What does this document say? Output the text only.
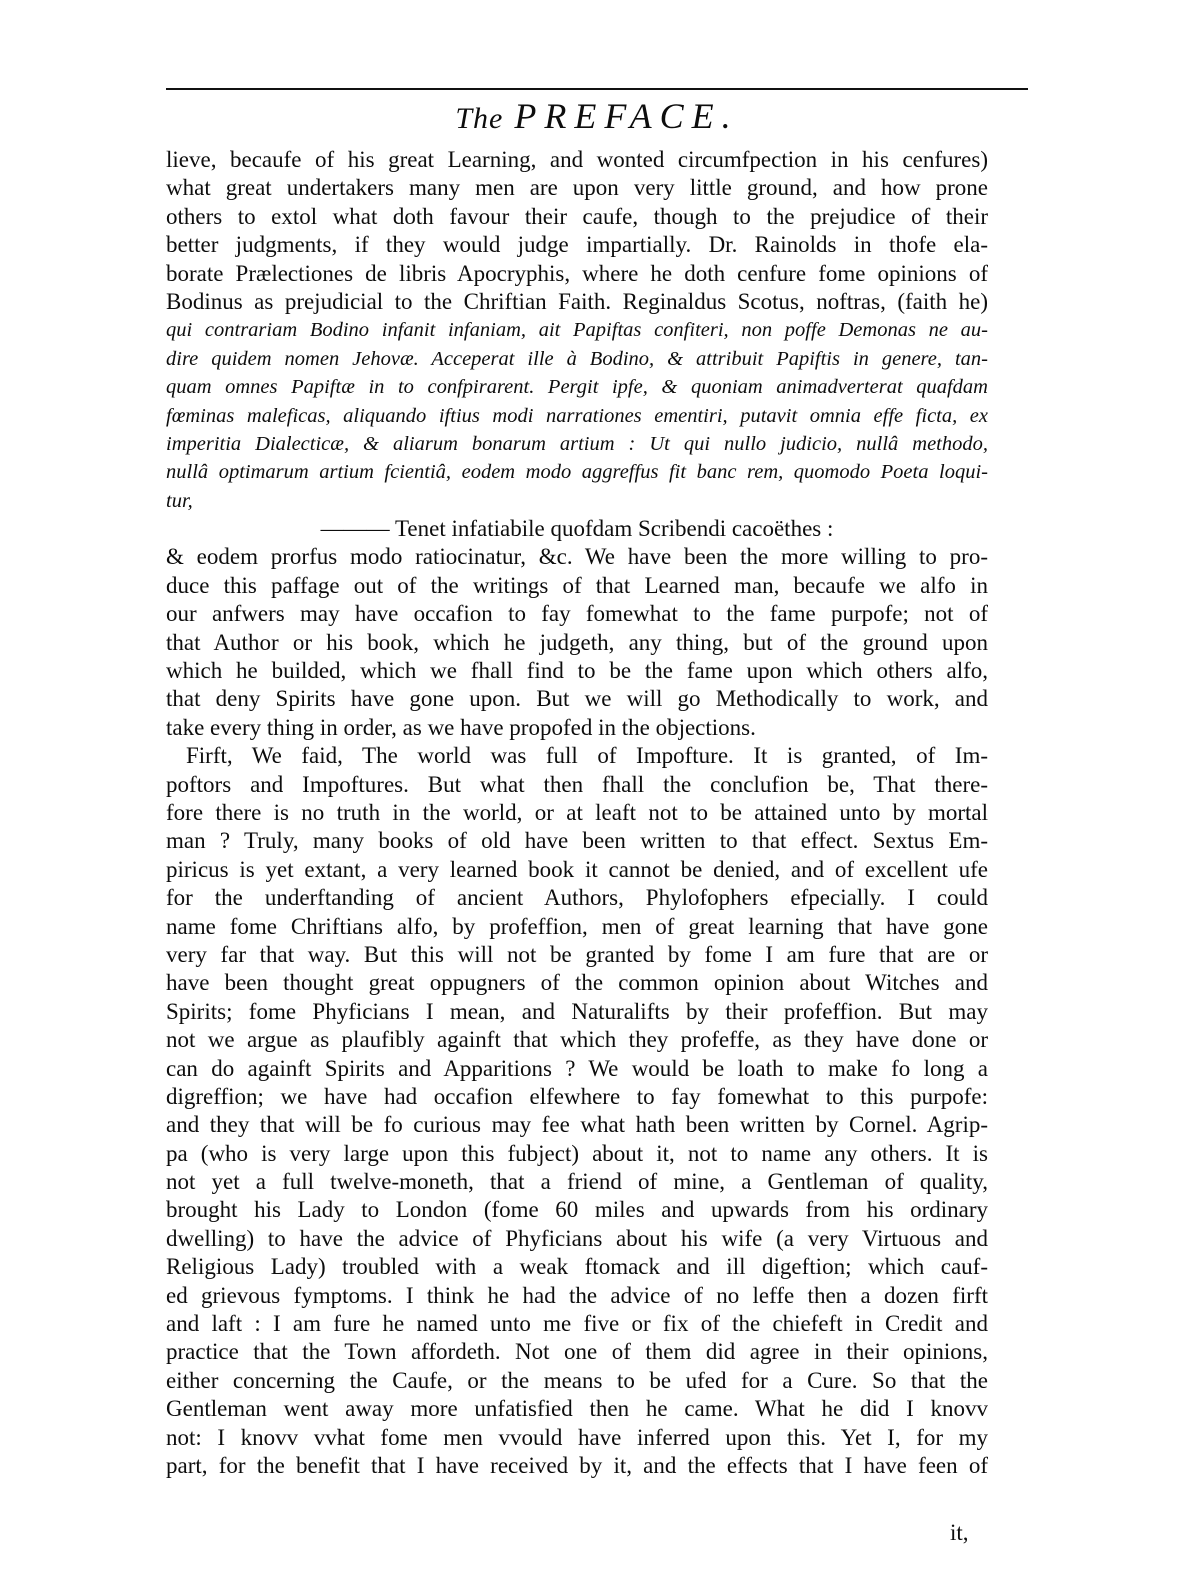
The PREFACE.
lieve, becaufe of his great Learning, and wonted circumfpection in his cenfures)
what great undertakers many men are upon very little ground, and how prone
others to extol what doth favour their caufe, though to the prejudice of their
better judgments, if they would judge impartially. Dr. Rainolds in thofe ela-
borate Prælectiones de libris Apocryphis, where he doth cenfure fome opinions of
Bodinus as prejudicial to the Chriftian Faith. Reginaldus Scotus, noftras, (faith he)
qui contrariam Bodino infanit infaniam, ait Papiftas confiteri, non poffe Demonas ne au-
dire quidem nomen Jehovæ. Acceperat ille à Bodino, & attribuit Papiftis in genere, tan-
quam omnes Papiftæ in to confpirarent. Pergit ipfe, & quoniam animadverterat quafdam
fœminas maleficas, aliquando iftius modi narrationes ementiri, putavit omnia effe ficta, ex
imperitia Dialecticæ, & aliarum bonarum artium : Ut qui nullo judicio, nullâ methodo,
nullâ optimarum artium fcientiâ, eodem modo aggreffus fit banc rem, quomodo Poeta loqui-
tur,
——— Tenet infatiabile quofdam Scribendi cacoëthes :
& eodem prorfus modo ratiocinatur, &c. We have been the more willing to pro-
duce this paffage out of the writings of that Learned man, becaufe we alfo in
our anfwers may have occafion to fay fomewhat to the fame purpofe; not of
that Author or his book, which he judgeth, any thing, but of the ground upon
which he builded, which we fhall find to be the fame upon which others alfo,
that deny Spirits have gone upon. But we will go Methodically to work, and
take every thing in order, as we have propofed in the objections.
Firft, We faid, The world was full of Impofture. It is granted, of Im-
poftors and Impoftures. But what then fhall the conclufion be, That there-
fore there is no truth in the world, or at leaft not to be attained unto by mortal
man ? Truly, many books of old have been written to that effect. Sextus Em-
piricus is yet extant, a very learned book it cannot be denied, and of excellent ufe
for the underftanding of ancient Authors, Phylofophers efpecially. I could
name fome Chriftians alfo, by profeffion, men of great learning that have gone
very far that way. But this will not be granted by fome I am fure that are or
have been thought great oppugners of the common opinion about Witches and
Spirits; fome Phyficians I mean, and Naturalifts by their profeffion. But may
not we argue as plaufibly againft that which they profeffe, as they have done or
can do againft Spirits and Apparitions ? We would be loath to make fo long a
digreffion; we have had occafion elfewhere to fay fomewhat to this purpofe:
and they that will be fo curious may fee what hath been written by Cornel. Agrip-
pa (who is very large upon this fubject) about it, not to name any others. It is
not yet a full twelve-moneth, that a friend of mine, a Gentleman of quality,
brought his Lady to London (fome 60 miles and upwards from his ordinary
dwelling) to have the advice of Phyficians about his wife (a very Virtuous and
Religious Lady) troubled with a weak ftomack and ill digeftion; which cauf-
ed grievous fymptoms. I think he had the advice of no leffe then a dozen firft
and laft : I am fure he named unto me five or fix of the chiefeft in Credit and
practice that the Town affordeth. Not one of them did agree in their opinions,
either concerning the Caufe, or the means to be ufed for a Cure. So that the
Gentleman went away more unfatisfied then he came. What he did I knovv
not: I knovv vvhat fome men vvould have inferred upon this. Yet I, for my
part, for the benefit that I have received by it, and the effects that I have feen of
it,
